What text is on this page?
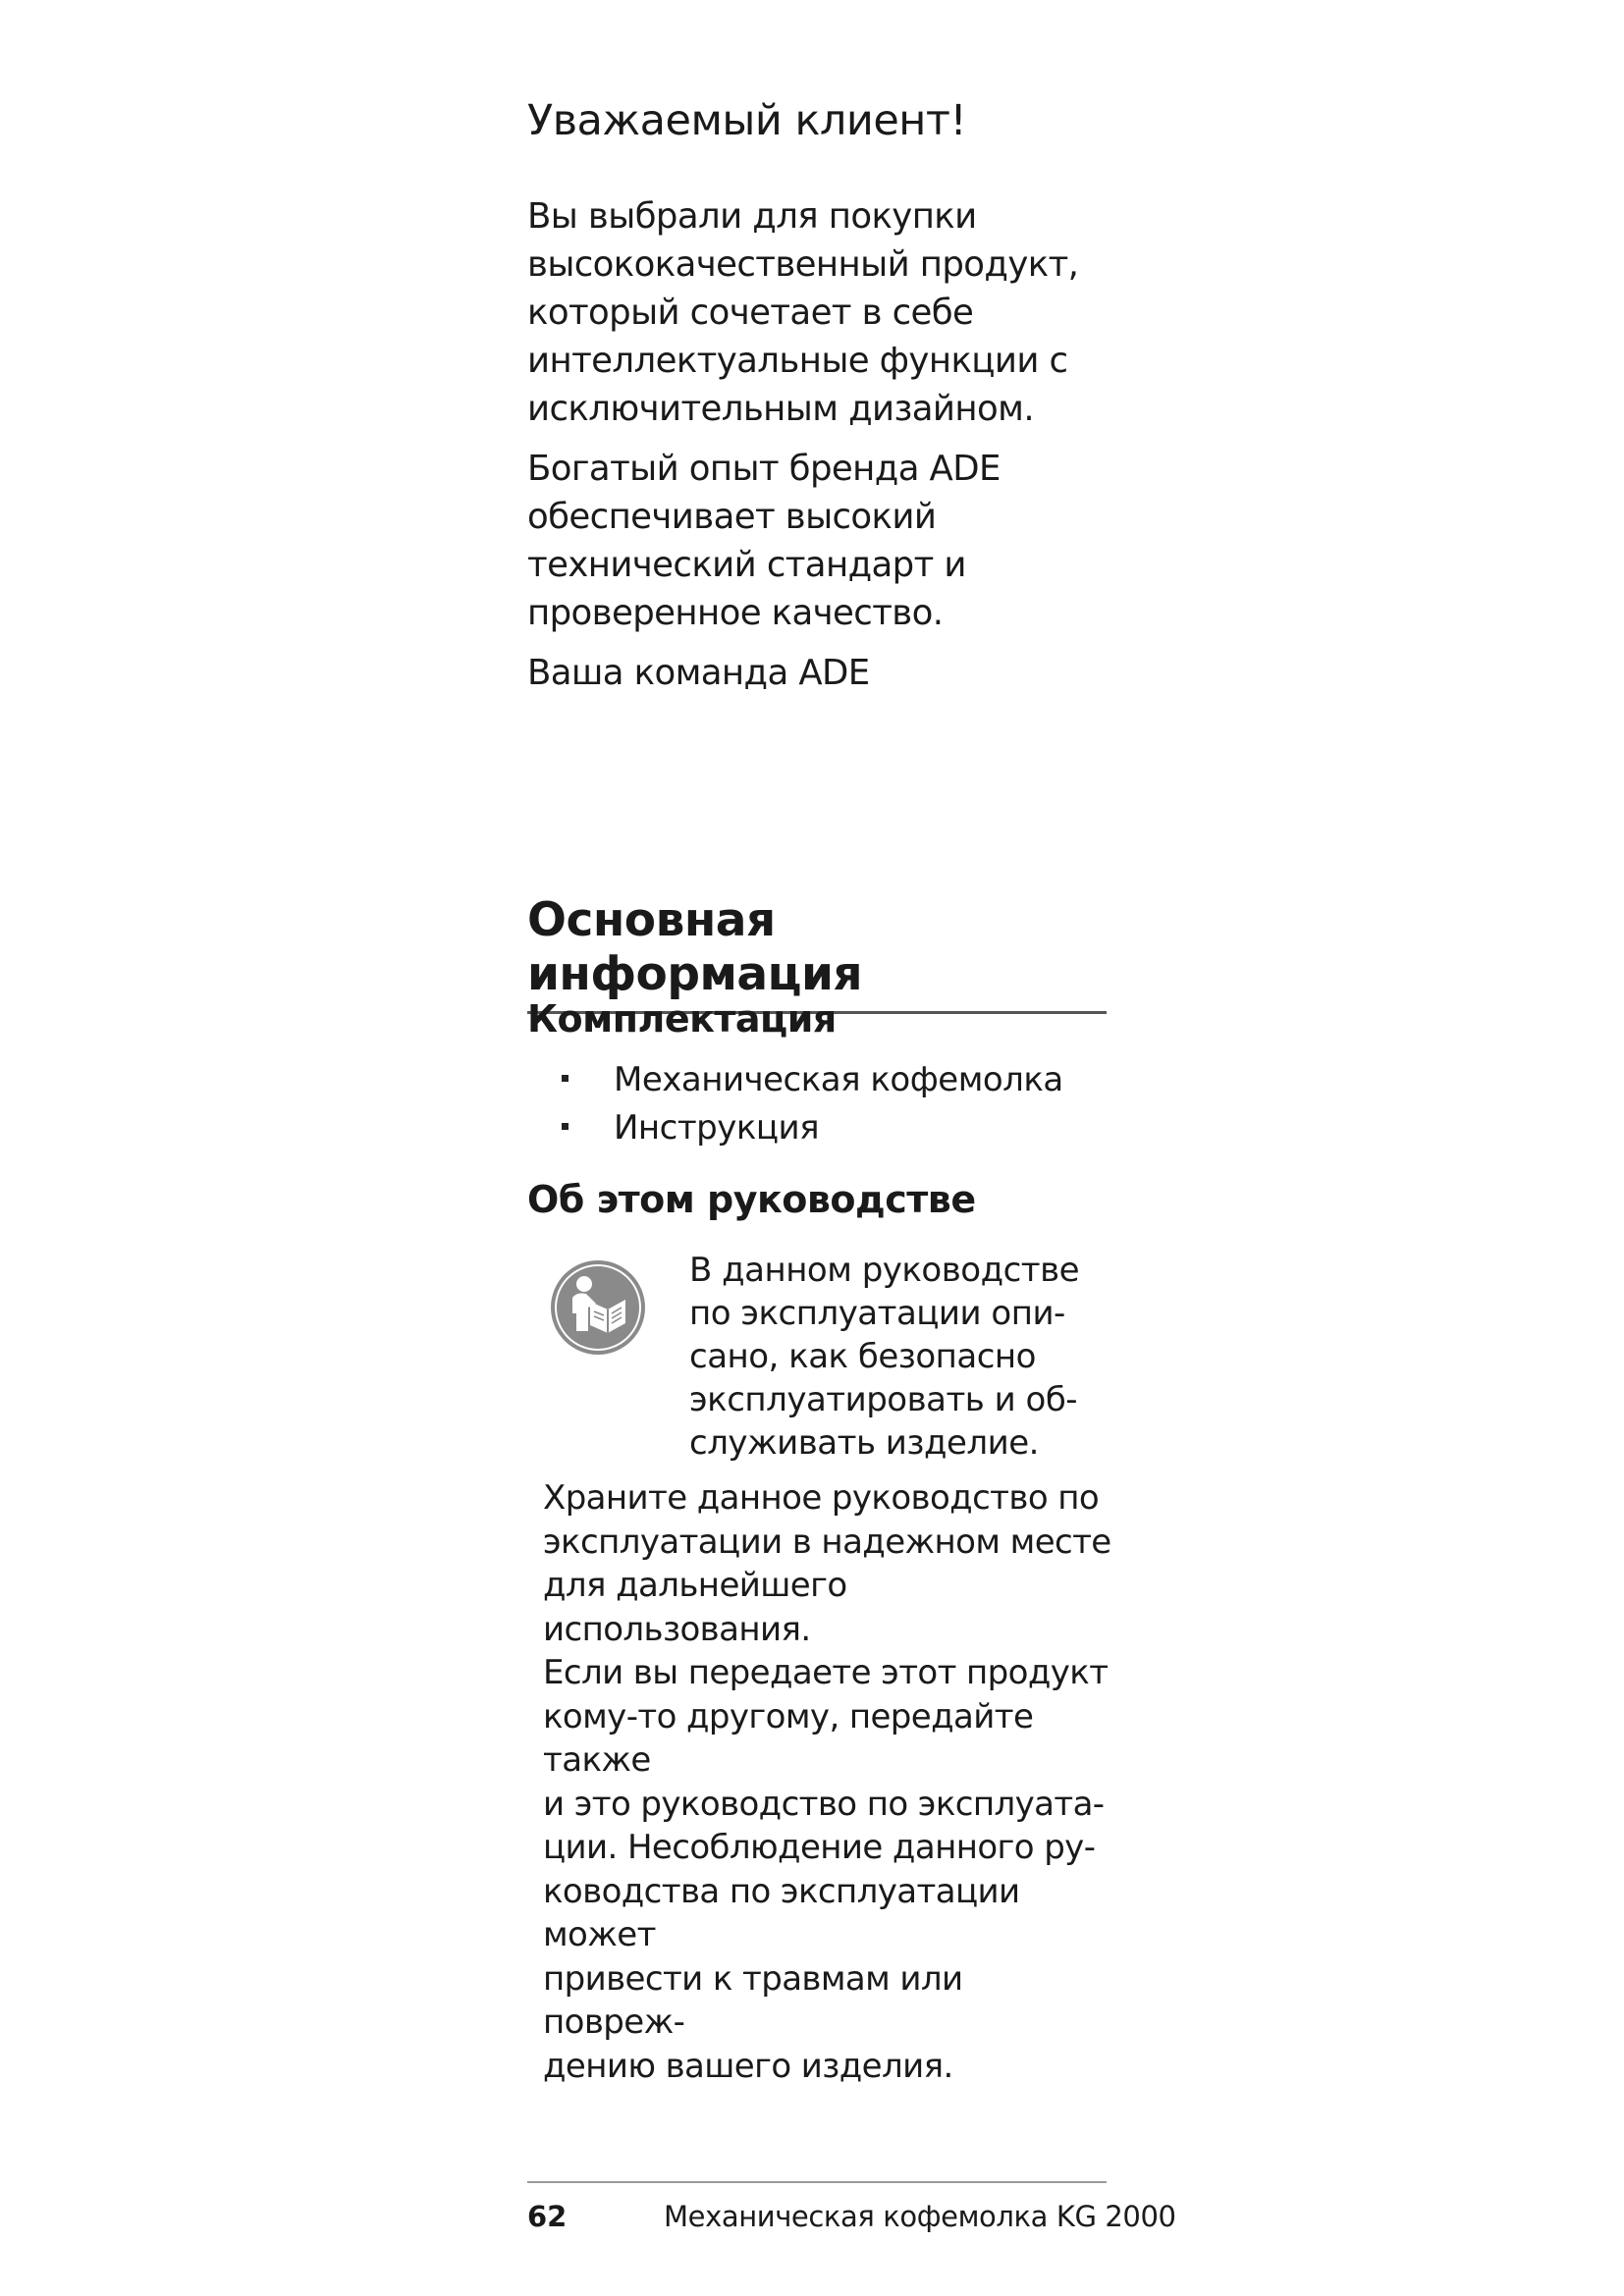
Уважаемый клиент!

Вы выбрали для покупки
высококачественный продукт,
который сочетает в себе
интеллектуальные функции с
исключительным дизайном.

Богатый опыт бренда ADE
обеспечивает высокий
технический стандарт и
проверенное качество.

Ваша команда ADE

Основная информация
Комплектация
Механическая кофемолка
Инструкция
Об этом руководстве

В данном руководстве
по эксплуатации опи-
сано, как безопасно
эксплуатировать и об-
служивать изделие.

Храните данное руководство по
эксплуатации в надежном месте
для дальнейшего использования.
Если вы передаете этот продукт
кому-то другому, передайте также
и это руководство по эксплуата-
ции. Несоблюдение данного ру-
ководства по эксплуатации может
привести к травмам или повреж-
дению вашего изделия.

62	Механическая кофемолка KG 2000
